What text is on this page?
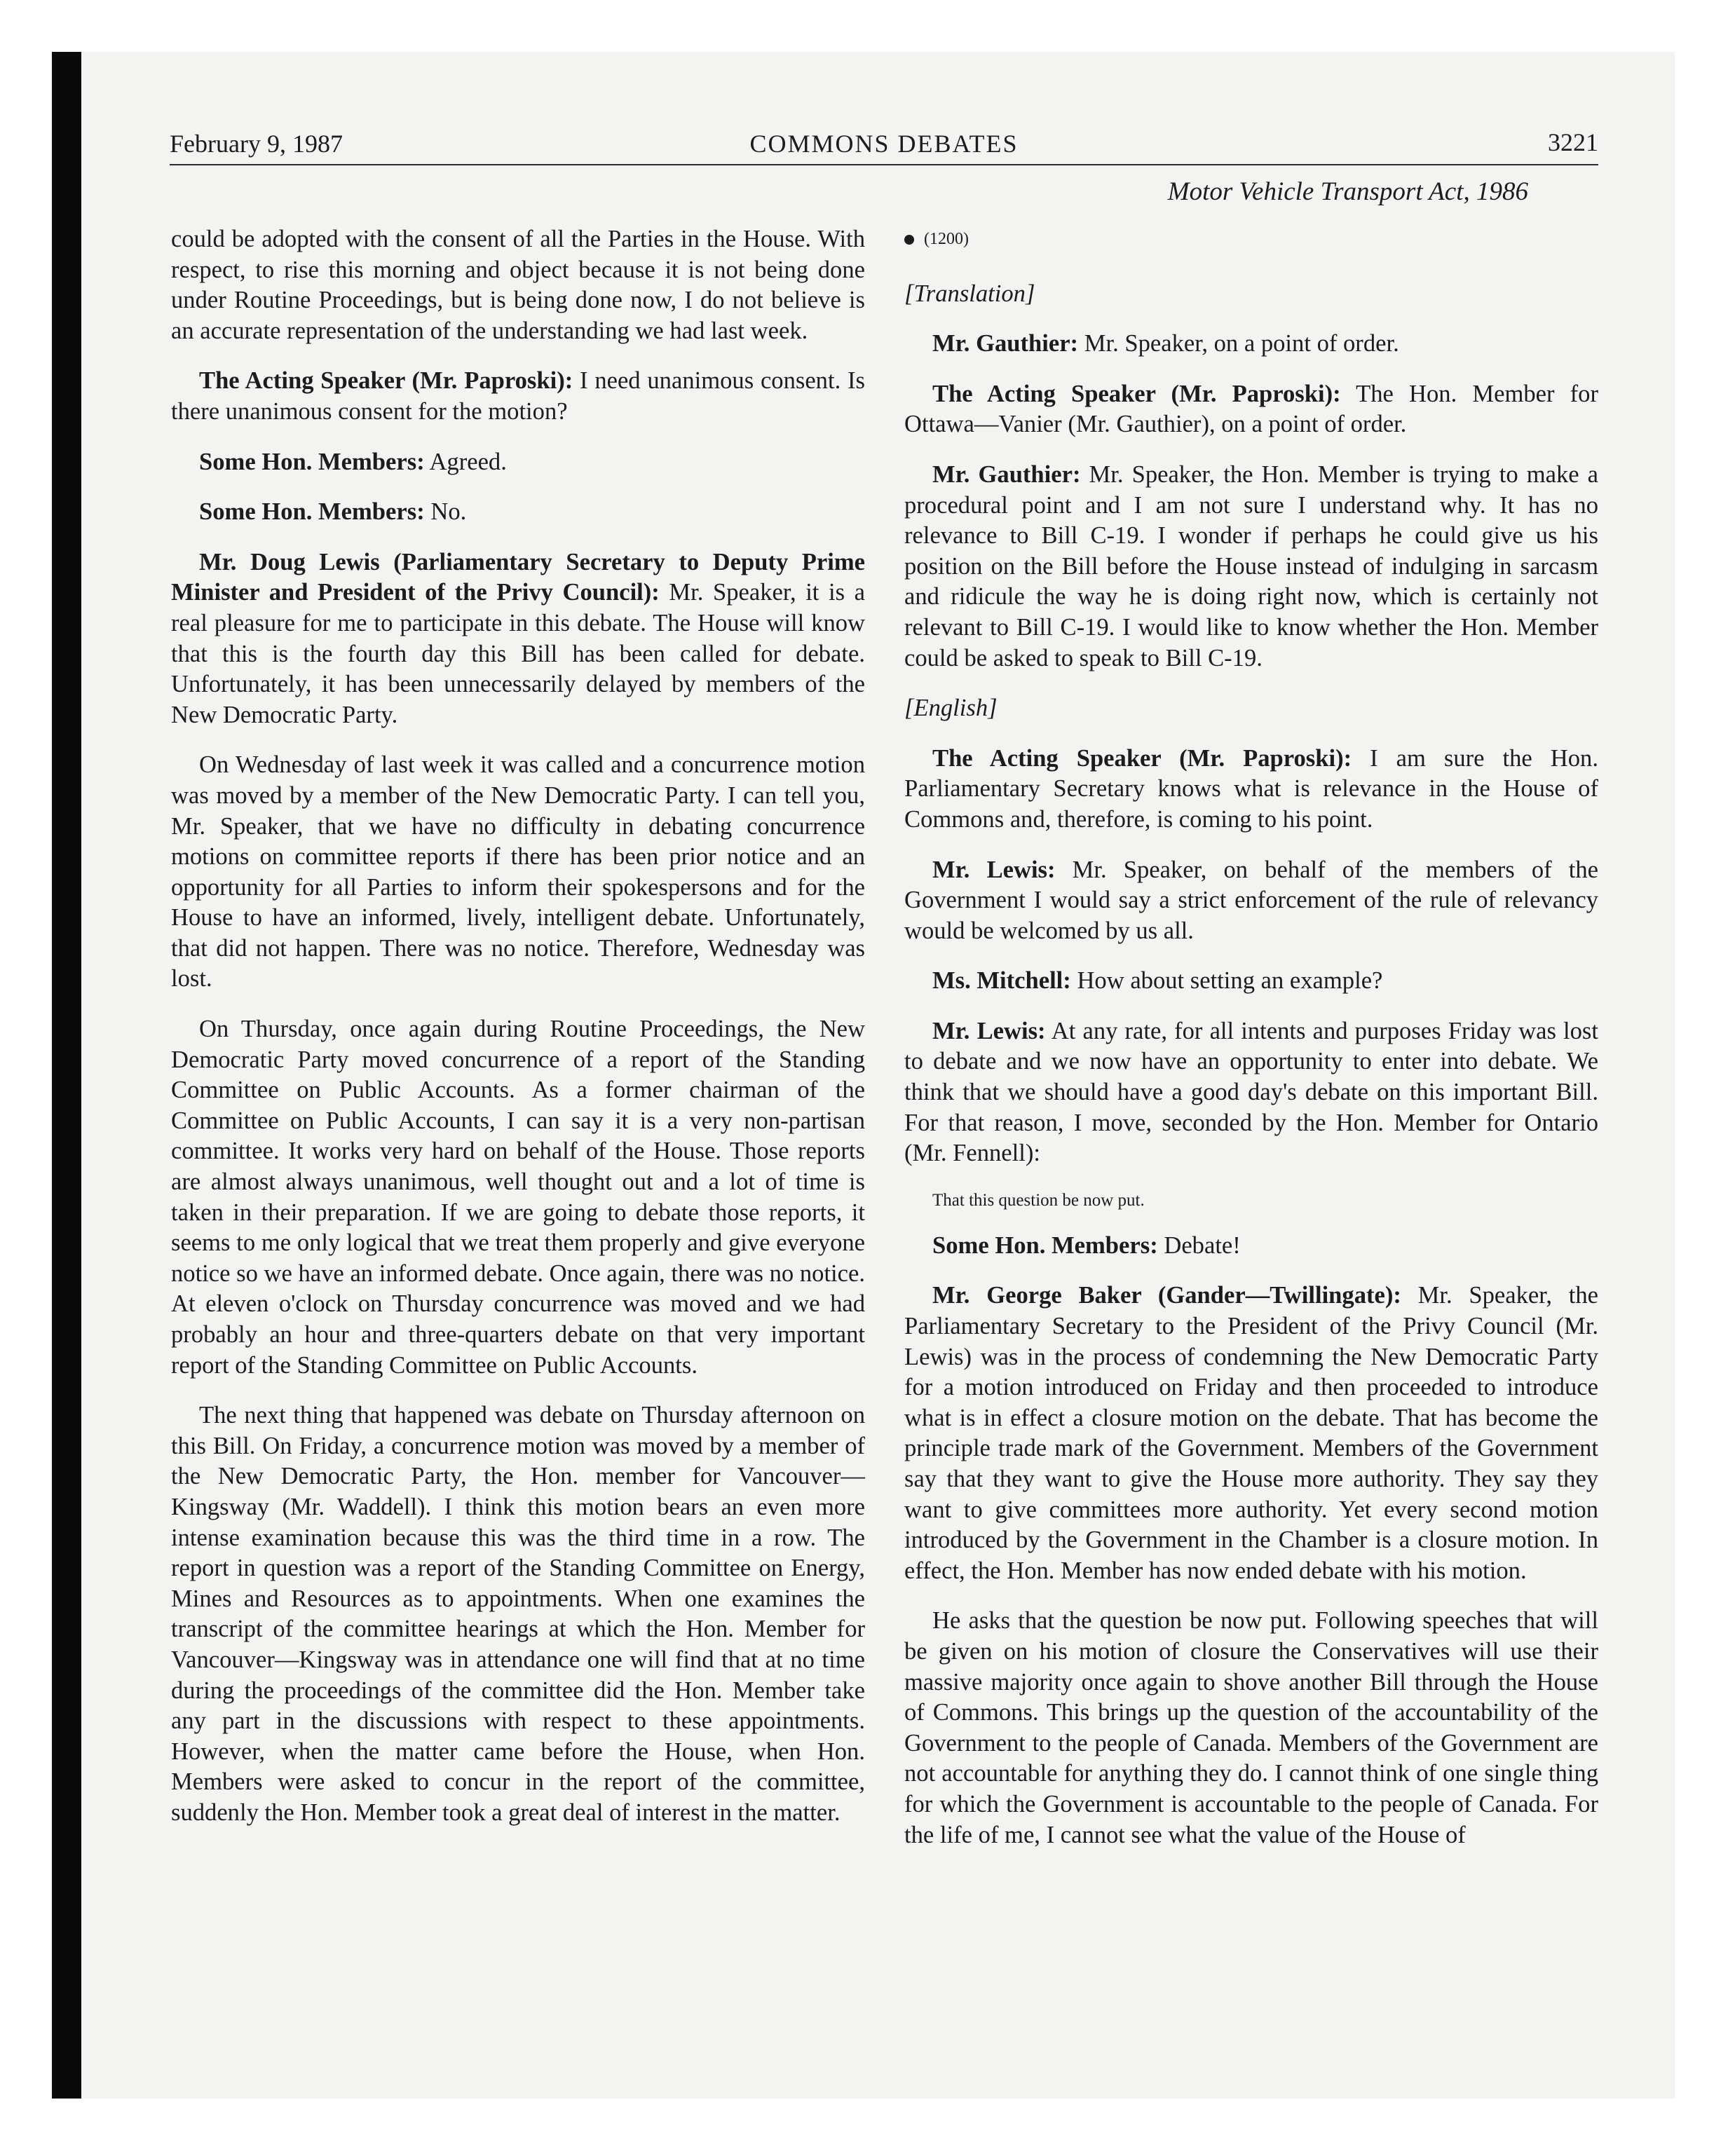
February 9, 1987	COMMONS DEBATES	3221
Motor Vehicle Transport Act, 1986

could be adopted with the consent of all the Parties in the House. With respect, to rise this morning and object because it is not being done under Routine Proceedings, but is being done now, I do not believe is an accurate representation of the understanding we had last week.

The Acting Speaker (Mr. Paproski): I need unanimous consent. Is there unanimous consent for the motion?

Some Hon. Members: Agreed.

Some Hon. Members: No.

Mr. Doug Lewis (Parliamentary Secretary to Deputy Prime Minister and President of the Privy Council): Mr. Speaker, it is a real pleasure for me to participate in this debate. The House will know that this is the fourth day this Bill has been called for debate. Unfortunately, it has been unnecessarily delayed by members of the New Democratic Party.

On Wednesday of last week it was called and a concurrence motion was moved by a member of the New Democratic Party. I can tell you, Mr. Speaker, that we have no difficulty in debating concurrence motions on committee reports if there has been prior notice and an opportunity for all Parties to inform their spokespersons and for the House to have an informed, lively, intelligent debate. Unfortunately, that did not happen. There was no notice. Therefore, Wednesday was lost.

On Thursday, once again during Routine Proceedings, the New Democratic Party moved concurrence of a report of the Standing Committee on Public Accounts. As a former chairman of the Committee on Public Accounts, I can say it is a very non-partisan committee. It works very hard on behalf of the House. Those reports are almost always unanimous, well thought out and a lot of time is taken in their preparation. If we are going to debate those reports, it seems to me only logical that we treat them properly and give everyone notice so we have an informed debate. Once again, there was no notice. At eleven o'clock on Thursday concurrence was moved and we had probably an hour and three-quarters debate on that very important report of the Standing Committee on Public Accounts.

The next thing that happened was debate on Thursday afternoon on this Bill. On Friday, a concurrence motion was moved by a member of the New Democratic Party, the Hon. member for Vancouver—Kingsway (Mr. Waddell). I think this motion bears an even more intense examination because this was the third time in a row. The report in question was a report of the Standing Committee on Energy, Mines and Resources as to appointments. When one examines the transcript of the committee hearings at which the Hon. Member for Vancouver—Kingsway was in attendance one will find that at no time during the proceedings of the committee did the Hon. Member take any part in the discussions with respect to these appointments. However, when the matter came before the House, when Hon. Members were asked to concur in the report of the committee, suddenly the Hon. Member took a great deal of interest in the matter.

(1200)

[Translation]

Mr. Gauthier: Mr. Speaker, on a point of order.

The Acting Speaker (Mr. Paproski): The Hon. Member for Ottawa—Vanier (Mr. Gauthier), on a point of order.

Mr. Gauthier: Mr. Speaker, the Hon. Member is trying to make a procedural point and I am not sure I understand why. It has no relevance to Bill C-19. I wonder if perhaps he could give us his position on the Bill before the House instead of indulging in sarcasm and ridicule the way he is doing right now, which is certainly not relevant to Bill C-19. I would like to know whether the Hon. Member could be asked to speak to Bill C-19.

[English]

The Acting Speaker (Mr. Paproski): I am sure the Hon. Parliamentary Secretary knows what is relevance in the House of Commons and, therefore, is coming to his point.

Mr. Lewis: Mr. Speaker, on behalf of the members of the Government I would say a strict enforcement of the rule of relevancy would be welcomed by us all.

Ms. Mitchell: How about setting an example?

Mr. Lewis: At any rate, for all intents and purposes Friday was lost to debate and we now have an opportunity to enter into debate. We think that we should have a good day's debate on this important Bill. For that reason, I move, seconded by the Hon. Member for Ontario (Mr. Fennell):

That this question be now put.

Some Hon. Members: Debate!

Mr. George Baker (Gander—Twillingate): Mr. Speaker, the Parliamentary Secretary to the President of the Privy Council (Mr. Lewis) was in the process of condemning the New Democratic Party for a motion introduced on Friday and then proceeded to introduce what is in effect a closure motion on the debate. That has become the principle trade mark of the Government. Members of the Government say that they want to give the House more authority. They say they want to give committees more authority. Yet every second motion introduced by the Government in the Chamber is a closure motion. In effect, the Hon. Member has now ended debate with his motion.

He asks that the question be now put. Following speeches that will be given on his motion of closure the Conservatives will use their massive majority once again to shove another Bill through the House of Commons. This brings up the question of the accountability of the Government to the people of Canada. Members of the Government are not accountable for anything they do. I cannot think of one single thing for which the Government is accountable to the people of Canada. For the life of me, I cannot see what the value of the House of
